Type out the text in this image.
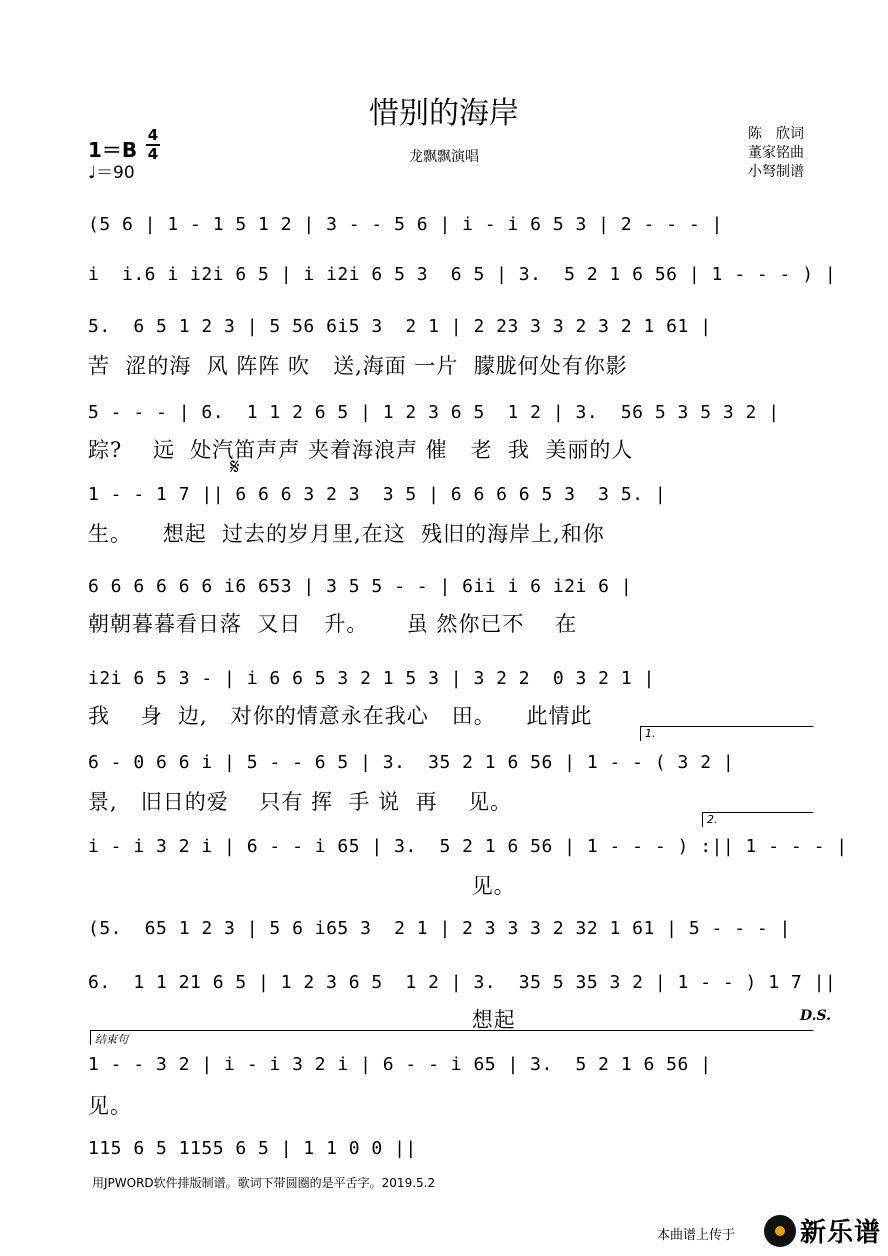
惜别的海岸
龙飘飘演唱
陈　欣词
董家铭曲
小弩制谱
1＝B
4
4
♩＝90
(5 6 | 1 - 1 5 1 2 | 3 - - 5 6 | i - i 6 5 3 | 2 - - - |
i  i.6 i i2i 6 5 | i i2i 6 5 3  6 5 | 3.  5 2 1 6 56 | 1 - - - ) |
5.  6 5 1 2 3 | 5 56 6i5 3  2 1 | 2 23 3 3 2 3 2 1 61 |
苦  涩的海  风 阵阵 吹   送,海面 一片  朦胧何处有你影
5 - - - | 6.  1 1 2 6 5 | 1 2 3 6 5  1 2 | 3.  56 5 3 5 3 2 |
踪?    远  处汽笛声声 夹着海浪声 催   老  我  美丽的人
𝄋
1 - - 1 7 || 6 6 6 3 2 3  3 5 | 6 6 6 6 5 3  3 5. |
生。    想起  过去的岁月里,在这  残旧的海岸上,和你
6 6 6 6 6 6 i6 653 | 3 5 5 - - | 6ii i 6 i2i 6 |
朝朝暮暮看日落  又日   升。     虽 然你已不    在
i2i 6 5 3 - | i 6 6 5 3 2 1 5 3 | 3 2 2  0 3 2 1 |
我    身  边,   对你的情意永在我心   田。    此情此
1.
6 - 0 6 6 i | 5 - - 6 5 | 3.  35 2 1 6 56 | 1 - - ( 3 2 |
景,   旧日的爱    只有 挥  手 说  再    见。
2.
i - i 3 2 i | 6 - - i 65 | 3.  5 2 1 6 56 | 1 - - - ) :|| 1 - - - |
见。
(5.  65 1 2 3 | 5 6 i65 3  2 1 | 2 3 3 3 2 32 1 61 | 5 - - - |
6.  1 1 21 6 5 | 1 2 3 6 5  1 2 | 3.  35 5 35 3 2 | 1 - - ) 1 7 ||
想起	D.S.
结束句
1 - - 3 2 | i - i 3 2 i | 6 - - i 65 | 3.  5 2 1 6 56 |
见。
115 6 5 1155 6 5 | 1 1 0 0 ||
用JPWORD软件排版制谱。歌词下带圆圈的是平舌字。2019.5.2
本曲谱上传于 新乐谱
